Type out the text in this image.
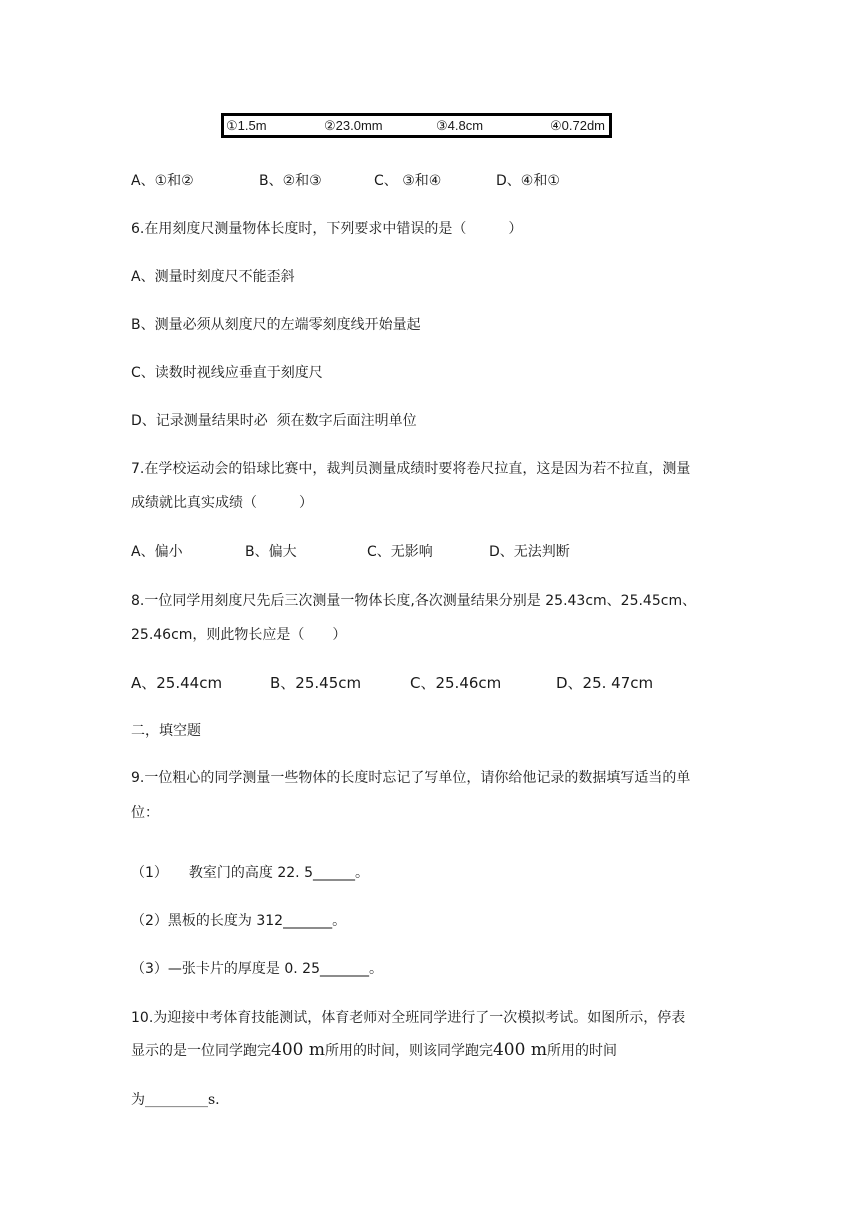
①1.5m	②23.0mm	③4.8cm	④0.72dm
A、①和②	B、②和③	C、 ③和④	D、④和①
6.在用刻度尺测量物体长度时，下列要求中错误的是（　　　）
A、测量时刻度尺不能歪斜
B、测量必须从刻度尺的左端零刻度线开始量起
C、读数时视线应垂直于刻度尺
D、记录测量结果时必  须在数字后面注明单位
7.在学校运动会的铅球比赛中，裁判员测量成绩时要将卷尺拉直，这是因为若不拉直，测量
成绩就比真实成绩（　　　）
A、偏小	B、偏大	C、无影响	D、无法判断
8.一位同学用刻度尺先后三次测量一物体长度,各次测量结果分别是 25.43cm、25.45cm、
25.46cm，则此物长应是（　　）
A、25.44cm	B、25.45cm	C、25.46cm	D、25. 47cm
二，填空题
9.一位粗心的同学测量一些物体的长度时忘记了写单位，请你给他记录的数据填写适当的单
位：
（1）　　教室门的高度 22. 5______。
（2）黑板的长度为 312_______。
（3）—张卡片的厚度是 0. 25_______。
10.为迎接中考体育技能测试，体育老师对全班同学进行了一次模拟考试。如图所示，停表
显示的是一位同学跑完400 m所用的时间，则该同学跑完400 m所用的时间
为_________s.
